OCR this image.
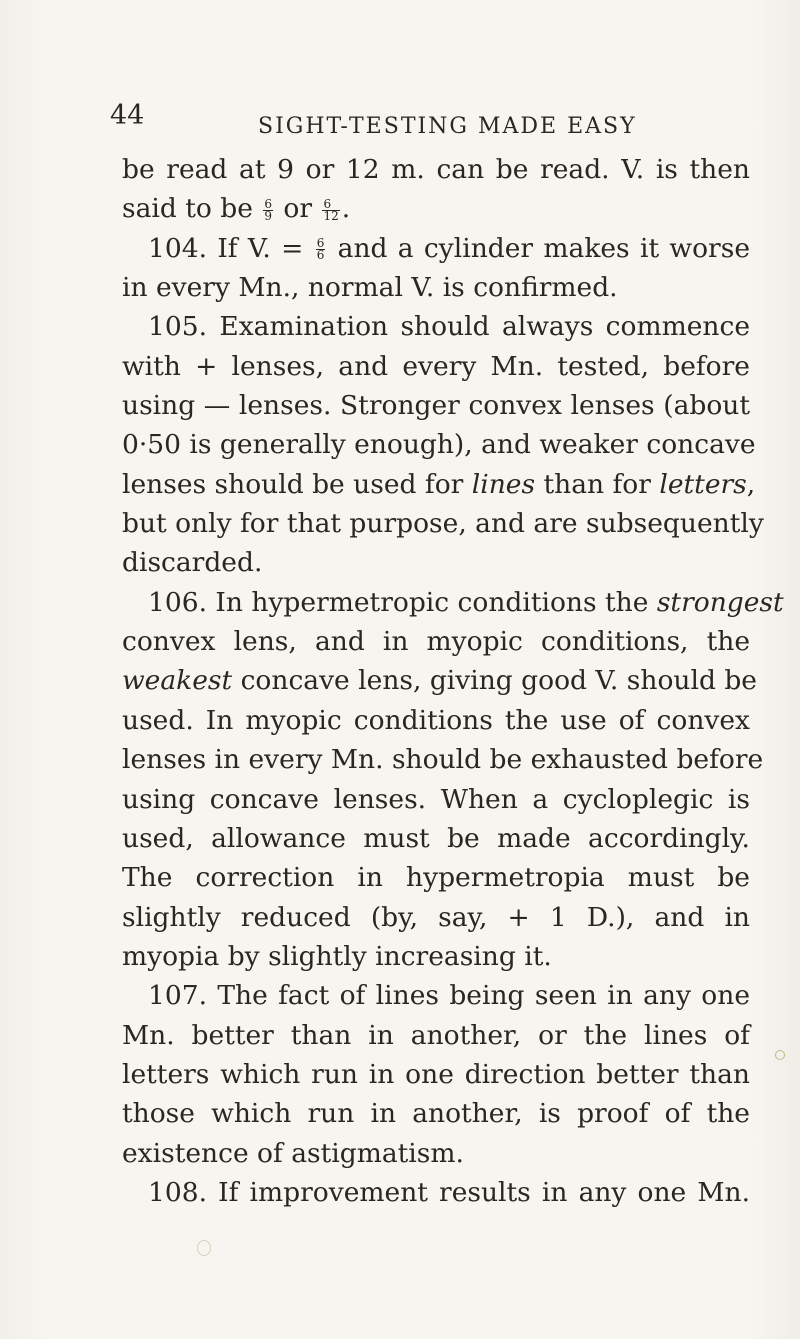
44	SIGHT-TESTING MADE EASY
be read at 9 or 12 m. can be read. V. is then
said to be $\frac{6}{9}$ or $\frac{6}{12}$ .
104. If V. = $\frac{6}{6}$ and a cylinder makes it worse
in every Mn., normal V. is confirmed.
105. Examination should always commence
with + lenses, and every Mn. tested, before
using — lenses. Stronger convex lenses (about
0·50 is generally enough), and weaker concave
lenses should be used for lines than for letters,
but only for that purpose, and are subsequently
discarded.
106. In hypermetropic conditions the strongest
convex lens, and in myopic conditions, the
weakest concave lens, giving good V. should be
used. In myopic conditions the use of convex
lenses in every Mn. should be exhausted before
using concave lenses. When a cycloplegic is
used, allowance must be made accordingly.
The correction in hypermetropia must be
slightly reduced (by, say, + 1 D.), and in
myopia by slightly increasing it.
107. The fact of lines being seen in any one
Mn. better than in another, or the lines of
letters which run in one direction better than
those which run in another, is proof of the
existence of astigmatism.
108. If improvement results in any one Mn.
